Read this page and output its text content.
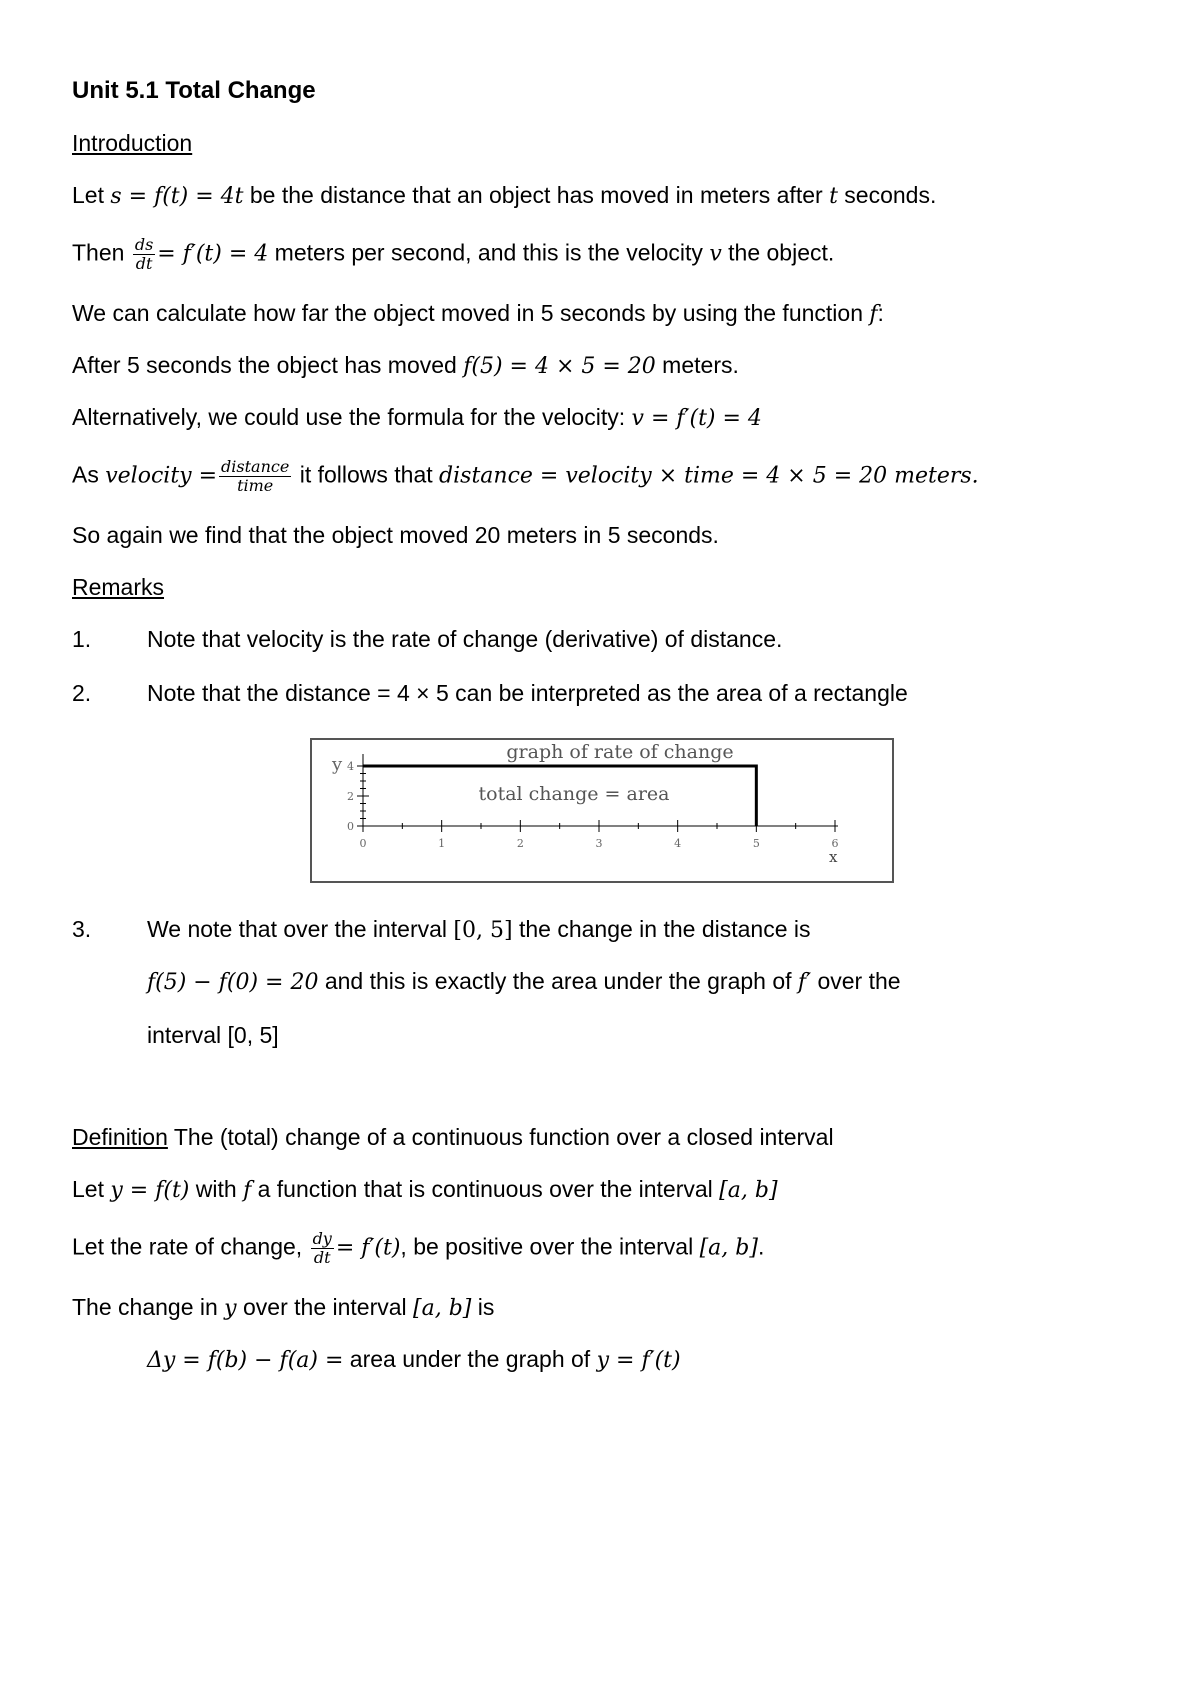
Unit 5.1 Total Change
Introduction
Let s = f(t) = 4t be the distance that an object has moved in meters after t seconds.
Then $\frac{ds}{dt} = f'(t) = 4$ meters per second, and this is the velocity v the object.
We can calculate how far the object moved in 5 seconds by using the function f:
After 5 seconds the object has moved f(5) = 4 × 5 = 20 meters.
Alternatively, we could use the formula for the velocity: v = f′(t) = 4
As velocity = $\frac{\text{distance}}{\text{time}}$ it follows that distance = velocity × time = 4 × 5 = 20 meters.
So again we find that the object moved 20 meters in 5 seconds.
Remarks
1. Note that velocity is the rate of change (derivative) of distance.
2. Note that the distance = 4 × 5 can be interpreted as the area of a rectangle
0	1	2	3	4	5	6
0
2
4
y
x
graph of rate of change
total change = area
3. We note that over the interval [0, 5] the change in the distance is
f(5) − f(0) = 20 and this is exactly the area under the graph of f′ over the
interval [0, 5]
Definition The (total) change of a continuous function over a closed interval
Let y = f(t) with f a function that is continuous over the interval [a, b]
Let the rate of change, $\frac{dy}{dt} = f'(t)$, be positive over the interval [a, b].
The change in y over the interval [a, b] is
Δy = f(b) − f(a) = area under the graph of y = f′(t)
